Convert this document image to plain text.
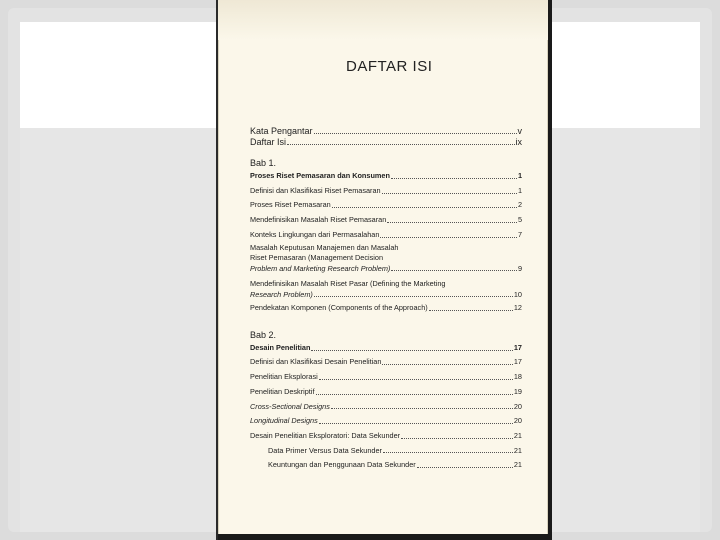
DAFTAR ISI
Kata Pengantar	v
Daftar Isi	ix
Bab 1.
Proses Riset Pemasaran dan Konsumen	1
Definisi dan Klasifikasi Riset Pemasaran	1
Proses Riset Pemasaran	2
Mendefinisikan Masalah Riset Pemasaran	5
Konteks Lingkungan dari Permasalahan	7
Masalah Keputusan Manajemen dan Masalah
Riset Pemasaran (Management Decision
Problem and Marketing Research Problem)	9
Mendefinisikan Masalah Riset Pasar (Defining the Marketing
Research Problem)	10
Pendekatan Komponen (Components of the Approach)	12
Bab 2.
Desain Penelitian	17
Definisi dan Klasifikasi Desain Penelitian	17
Penelitian Eksplorasi	18
Penelitian Deskriptif	19
Cross-Sectional Designs	20
Longitudinal Designs	20
Desain Penelitian Eksploratori: Data Sekunder	21
Data Primer Versus Data Sekunder	21
Keuntungan dan Penggunaan Data Sekunder	21
